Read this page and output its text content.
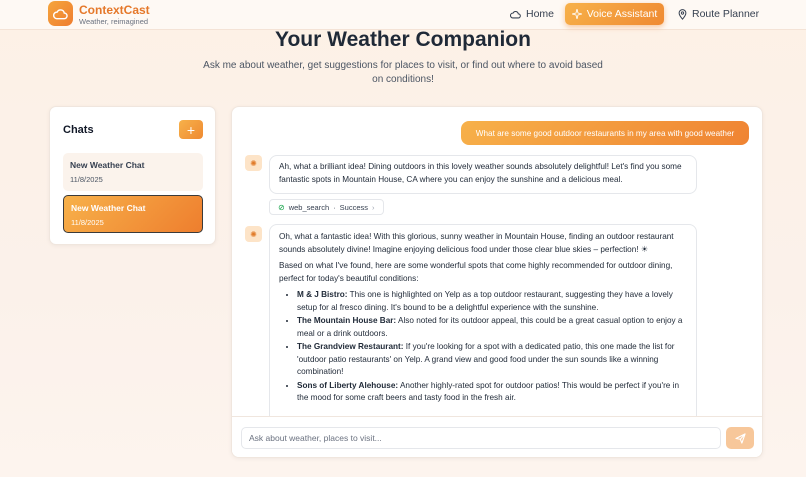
ContextCast
Weather, reimagined
Home	Voice Assistant	Route Planner
Your Weather Companion
Ask me about weather, get suggestions for places to visit, or find out where to avoid based on conditions!
Chats	+
New Weather Chat
11/8/2025
New Weather Chat
11/8/2025
What are some good outdoor restaurants in my area with good weather
✺	Ah, what a brilliant idea! Dining outdoors in this lovely weather sounds absolutely delightful! Let's find you some fantastic spots in Mountain House, CA where you can enjoy the sunshine and a delicious meal.
⊘ web_search · Success ›
✺	Oh, what a fantastic idea! With this glorious, sunny weather in Mountain House, finding an outdoor restaurant sounds absolutely divine! Imagine enjoying delicious food under those clear blue skies – perfection! ☀

Based on what I've found, here are some wonderful spots that come highly recommended for outdoor dining, perfect for today's beautiful conditions:

• M & J Bistro: This one is highlighted on Yelp as a top outdoor restaurant, suggesting they have a lovely setup for al fresco dining. It's bound to be a delightful experience with the sunshine.
• The Mountain House Bar: Also noted for its outdoor appeal, this could be a great casual option to enjoy a meal or a drink outdoors.
• The Grandview Restaurant: If you're looking for a spot with a dedicated patio, this one made the list for 'outdoor patio restaurants' on Yelp. A grand view and good food under the sun sounds like a winning combination!
• Sons of Liberty Alehouse: Another highly-rated spot for outdoor patios! This would be perfect if you're in the mood for some craft beers and tasty food in the fresh air.
Ask about weather, places to visit...
